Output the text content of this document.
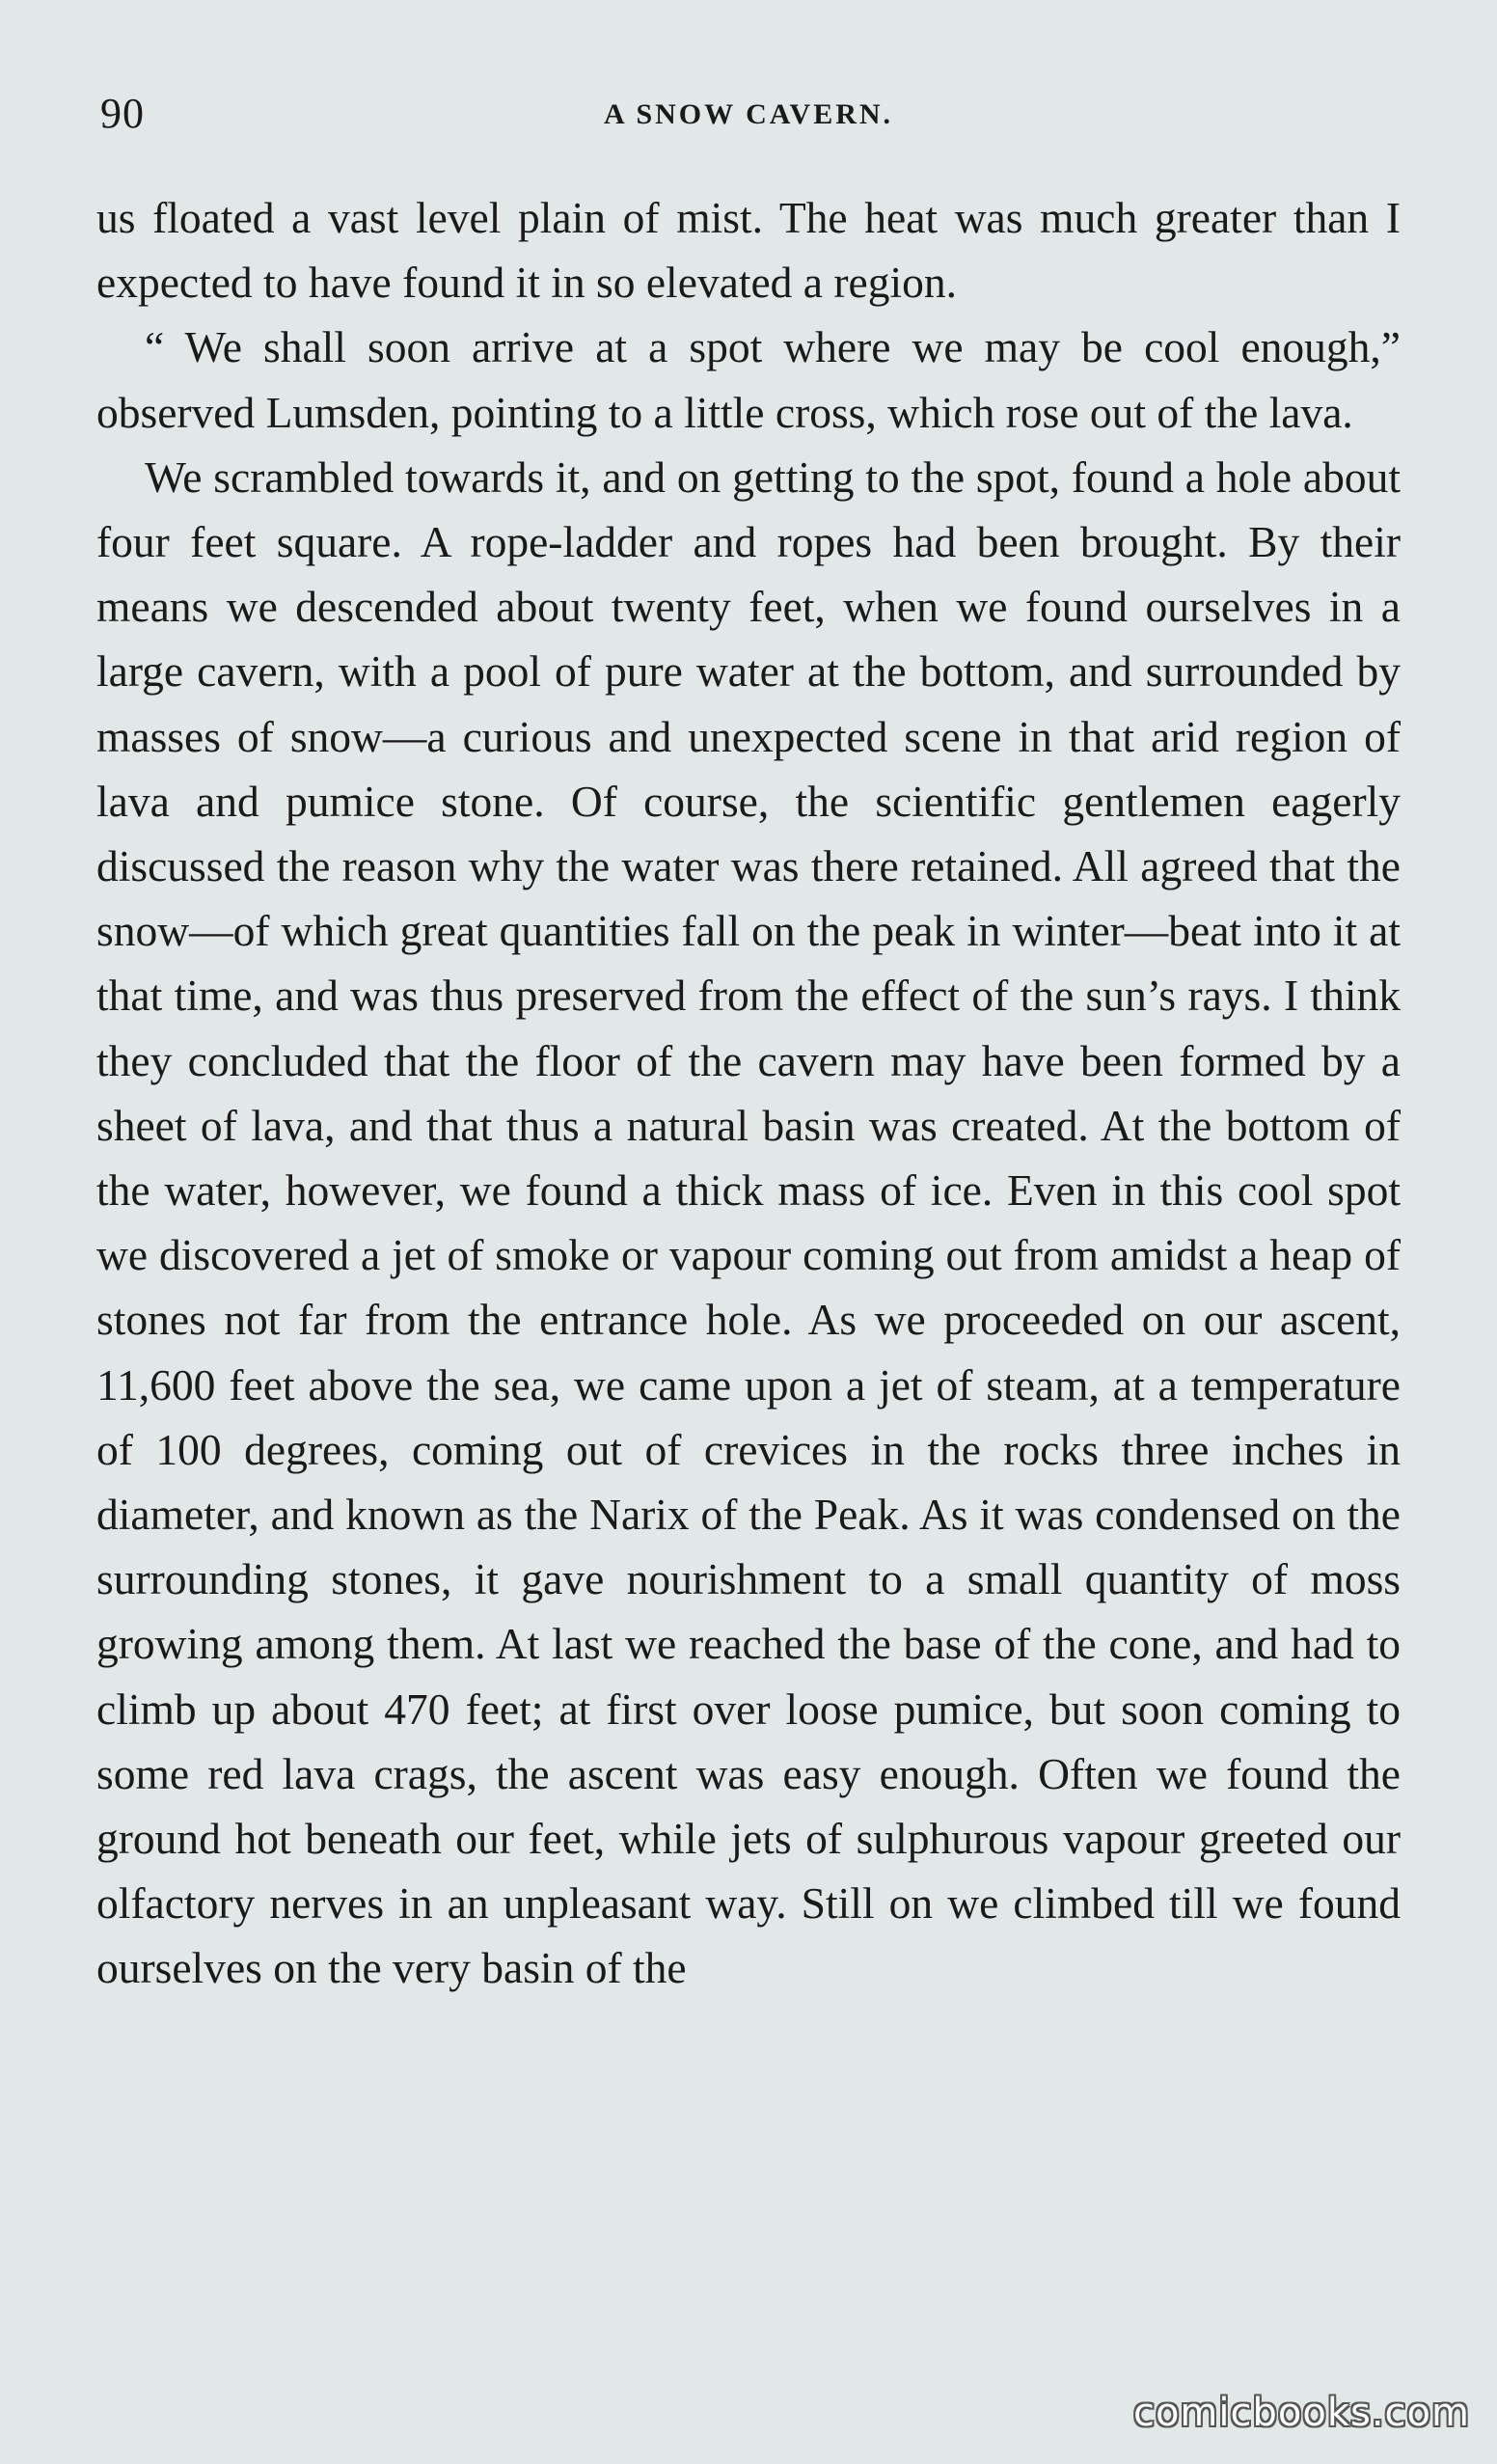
90	A SNOW CAVERN.

us floated a vast level plain of mist. The heat was much greater than I expected to have found it in so elevated a region.

“ We shall soon arrive at a spot where we may be cool enough,” observed Lumsden, pointing to a little cross, which rose out of the lava.

We scrambled towards it, and on getting to the spot, found a hole about four feet square. A rope-ladder and ropes had been brought. By their means we descended about twenty feet, when we found ourselves in a large cavern, with a pool of pure water at the bottom, and surrounded by masses of snow—a curious and unexpected scene in that arid region of lava and pumice stone. Of course, the scientific gentlemen eagerly discussed the reason why the water was there retained. All agreed that the snow—of which great quantities fall on the peak in winter—beat into it at that time, and was thus preserved from the effect of the sun’s rays. I think they concluded that the floor of the cavern may have been formed by a sheet of lava, and that thus a natural basin was created. At the bottom of the water, however, we found a thick mass of ice. Even in this cool spot we discovered a jet of smoke or vapour coming out from amidst a heap of stones not far from the entrance hole. As we proceeded on our ascent, 11,600 feet above the sea, we came upon a jet of steam, at a temperature of 100 degrees, coming out of crevices in the rocks three inches in diameter, and known as the Narix of the Peak. As it was condensed on the surrounding stones, it gave nourishment to a small quantity of moss growing among them. At last we reached the base of the cone, and had to climb up about 470 feet; at first over loose pumice, but soon coming to some red lava crags, the ascent was easy enough. Often we found the ground hot beneath our feet, while jets of sulphurous vapour greeted our olfactory nerves in an unpleasant way. Still on we climbed till we found ourselves on the very basin of the

comicbooks.com
